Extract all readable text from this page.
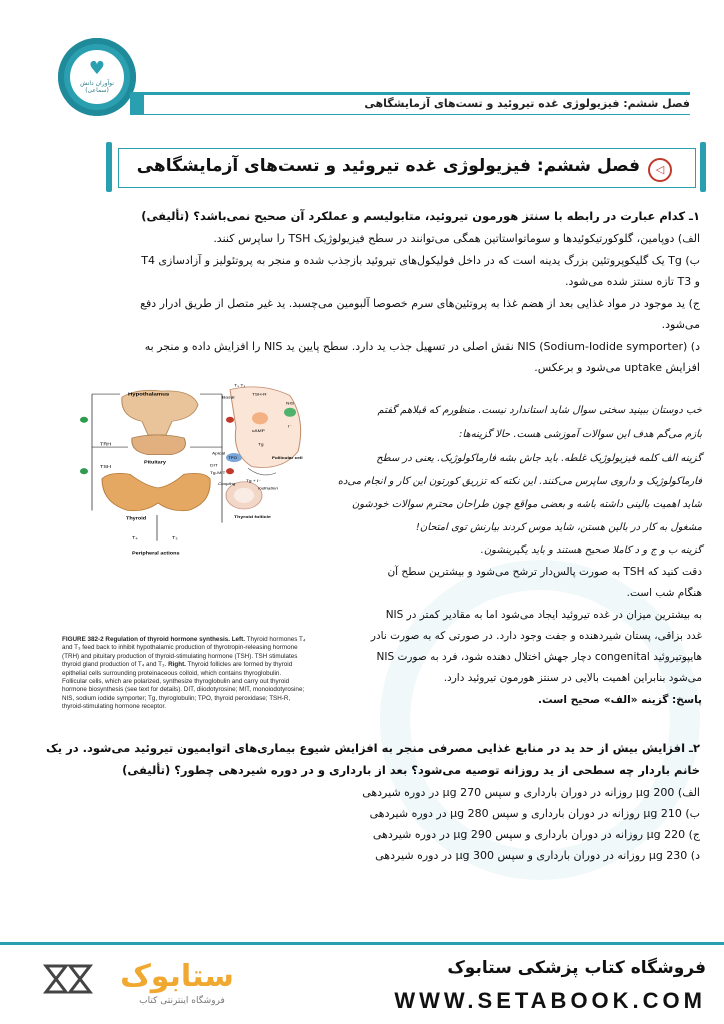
♥
نوآوران دانش
(سماعی)
فصل ششم: فیزیولوژی غده تیروئید و تست‌های آزمایشگاهی
فصل ششم: فیزیولوژی غده تیروئید و تست‌های آزمایشگاهی	◁
۱ـ کدام عبارت در رابطه با سنتز هورمون تیروئید، متابولیسم و عملکرد آن صحیح نمی‌باشد؟ (تألیفی)
الف) دوپامین، گلوکورتیکوئیدها و سوماتواستاتین همگی می‌توانند در سطح فیزیولوژیک TSH را ساپرس کنند.
ب) Tg یک گلیکوپروتئین بزرگ یدینه است که در داخل فولیکول‌های تیروئید بازجذب شده و منجر به پروتئولیز و آزادسازی T4
و T3 تازه سنتز شده می‌شود.
ج) ید موجود در مواد غذایی بعد از هضم غذا به پروتئین‌های سرم خصوصا آلبومین می‌چسبد. ید غیر متصل از طریق ادرار دفع
می‌شود.
د) NIS (Sodium-Iodide symporter) نقش اصلی در تسهیل جذب ید دارد. سطح پایین ید NIS را افزایش داده و منجر به
افزایش uptake می‌شود و برعکس.
Hypothalamus
TRH
Pituitary
TSH
Thyroid
Thyroid follicle
T₄	T₃
Peripheral actions
T₃ T₄
Basal
TSH-R
NIS
I⁻
cAMP
Tg
Apical
TPO
DIT
Tg-MIT
Follicular cell
Tg + I⁻
Iodination
Coupling
FIGURE 382-2 Regulation of thyroid hormone synthesis. Left. Thyroid hormones T₄ and T₃ feed back to inhibit hypothalamic production of thyrotropin-releasing hormone (TRH) and pituitary production of thyroid-stimulating hormone (TSH). TSH stimulates thyroid gland production of T₄ and T₃. Right. Thyroid follicles are formed by thyroid epithelial cells surrounding proteinaceous colloid, which contains thyroglobulin. Follicular cells, which are polarized, synthesize thyroglobulin and carry out thyroid hormone biosynthesis (see text for details). DIT, diiodotyrosine; MIT, monoiodotyrosine; NIS, sodium iodide symporter; Tg, thyroglobulin; TPO, thyroid peroxidase; TSH-R, thyroid-stimulating hormone receptor.
خب دوستان ببینید سختی سوال شاید استاندارد نیست. منظورم که قبلاهم گفتم
بازم می‌گم هدف این سوالات آموزشی هست. حالا گزینه‌ها:
گزینه الف کلمه فیزیولوژیک غلطه. باید جاش بشه فارماکولوژیک. یعنی در سطح
فارماکولوژیک و داروی ساپرس می‌کنند. این نکته که تزریق کورتون این کار و انجام می‌ده
شاید اهمیت بالینی داشته باشه و بعضی مواقع چون طراحان محترم سوالات خودشون
مشغول به کار در بالین هستن، شاید موس کردند بیارنش توی امتحان!
گزینه ب و ج و د کاملا صحیح هستند و باید یگیرینشون.
دقت کنید که TSH به صورت پالس‌دار ترشح می‌شود و بیشترین سطح آن
هنگام شب است.
NIS به بیشترین میزان در غده تیروئید ایجاد می‌شود اما به مقادیر کمتر در
غدد بزاقی، پستان شیردهنده و جفت وجود دارد. در صورتی که به صورت نادر
NIS دچار جهش اختلال دهنده شود، فرد به صورت congenital هایپوتیروئید
می‌شود بنابراین اهمیت بالایی در سنتز هورمون تیروئید دارد.
پاسخ: گزینه «الف» صحیح است.
۲ـ افزایش بیش از حد ید در منابع غذایی مصرفی منجر به افزایش شیوع بیماری‌های اتوایمیون تیروئید می‌شود. در یک
خانم باردار چه سطحی از ید روزانه توصیه می‌شود؟ بعد از بارداری و در دوره شیردهی چطور؟ (تألیفی)
الف) μg 200 روزانه در دوران بارداری و سپس μg 270 در دوره شیردهی
ب) μg 210 روزانه در دوران بارداری و سپس μg 280 در دوره شیردهی
ج) μg 220 روزانه در دوران بارداری و سپس μg 290 در دوره شیردهی
د) μg 230 روزانه در دوران بارداری و سپس μg 300 در دوره شیردهی
ستابوک
فروشگاه اینترنتی کتاب
فروشگاه کتاب پزشکی ستابوک
WWW.SETABOOK.COM
